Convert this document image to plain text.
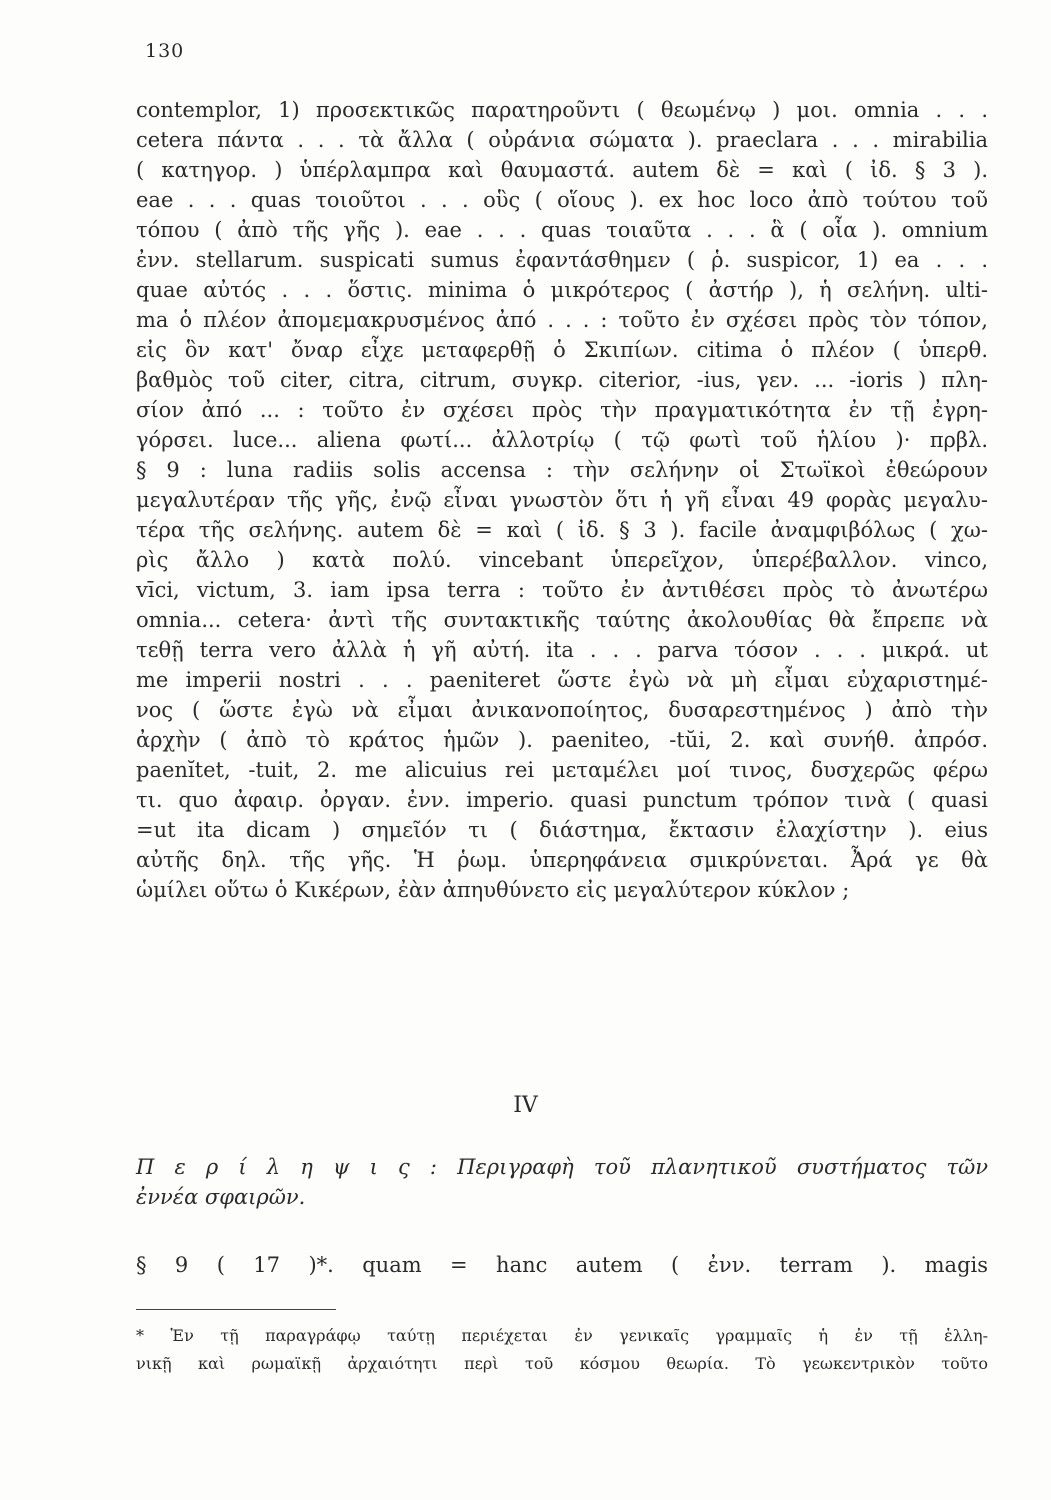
130
contemplor, 1) προσεκτικῶς παρατηροῦντι ( θεωμένῳ ) μοι. omnia . . .
cetera πάντα . . . τὰ ἄλλα ( οὐράνια σώματα ). praeclara . . . mirabilia
( κατηγορ. ) ὑπέρλαμπρα καὶ θαυμαστά. autem δὲ = καὶ ( ἰδ. § 3 ).
eae . . . quas τοιοῦτοι . . . οὓς ( οἵους ). ex hoc loco ἀπὸ τούτου τοῦ
τόπου ( ἀπὸ τῆς γῆς ). eae . . . quas τοιαῦτα . . . ἃ ( οἷα ). omnium
ἐνν. stellarum. suspicati sumus ἐφαντάσθημεν ( ῥ. suspicor, 1) ea . . .
quae αὐτός . . . ὅστις. minima ὁ μικρότερος ( ἀστήρ ), ἡ σελήνη. ulti-
ma ὁ πλέον ἀπομεμακρυσμένος ἀπό . . . : τοῦτο ἐν σχέσει πρὸς τὸν τόπον,
εἰς ὃν κατ' ὄναρ εἶχε μεταφερθῇ ὁ Σκιπίων. citima ὁ πλέον ( ὑπερθ.
βαθμὸς τοῦ citer, citra, citrum, συγκρ. citerior, -ius, γεν. ... -ioris ) πλη-
σίον ἀπό ... : τοῦτο ἐν σχέσει πρὸς τὴν πραγματικότητα ἐν τῇ ἐγρη-
γόρσει. luce... aliena φωτί... ἀλλοτρίῳ ( τῷ φωτὶ τοῦ ἡλίου )· πρβλ.
§ 9 : luna radiis solis accensa : τὴν σελήνην οἱ Στωϊκοὶ ἐθεώρουν
μεγαλυτέραν τῆς γῆς, ἐνῷ εἶναι γνωστὸν ὅτι ἡ γῆ εἶναι 49 φορὰς μεγαλυ-
τέρα τῆς σελήνης. autem δὲ = καὶ ( ἰδ. § 3 ). facile ἀναμφιβόλως ( χω-
ρὶς ἄλλο ) κατὰ πολύ. vincebant ὑπερεῖχον, ὑπερέβαλλον. vinco,
vīci, victum, 3. iam ipsa terra : τοῦτο ἐν ἀντιθέσει πρὸς τὸ ἀνωτέρω
omnia... cetera· ἀντὶ τῆς συντακτικῆς ταύτης ἀκολουθίας θὰ ἔπρεπε νὰ
τεθῇ terra vero ἀλλὰ ἡ γῆ αὐτή. ita . . . parva τόσον . . . μικρά. ut
me imperii nostri . . . paeniteret ὥστε ἐγὼ νὰ μὴ εἶμαι εὐχαριστημέ-
νος ( ὥστε ἐγὼ νὰ εἶμαι ἀνικανοποίητος, δυσαρεστημένος ) ἀπὸ τὴν
ἀρχὴν ( ἀπὸ τὸ κράτος ἡμῶν ). paeniteo, -tŭi, 2. καὶ συνήθ. ἀπρόσ.
paenĭtet, -tuit, 2. me alicuius rei μεταμέλει μοί τινος, δυσχερῶς φέρω
τι. quo ἀφαιρ. ὀργαν. ἐνν. imperio. quasi punctum τρόπον τινὰ ( quasi
=ut ita dicam ) σημεῖόν τι ( διάστημα, ἔκτασιν ἐλαχίστην ). eius
αὐτῆς δηλ. τῆς γῆς. Ἡ ῥωμ. ὑπερηφάνεια σμικρύνεται. Ἆρά γε θὰ
ὡμίλει οὕτω ὁ Κικέρων, ἐὰν ἀπηυθύνετο εἰς μεγαλύτερον κύκλον ;
IV
Π ε ρ ί λ η ψ ι ς : Περιγραφὴ τοῦ πλανητικοῦ συστήματος τῶν
ἐννέα σφαιρῶν.
§ 9 ( 17 )*. quam = hanc autem ( ἐνν. terram ). magis
* Ἐν τῇ παραγράφῳ ταύτῃ περιέχεται ἐν γενικαῖς γραμμαῖς ἡ ἐν τῇ ἑλλη-
νικῇ καὶ ρωμαϊκῇ ἀρχαιότητι περὶ τοῦ κόσμου θεωρία. Τὸ γεωκεντρικὸν τοῦτο
